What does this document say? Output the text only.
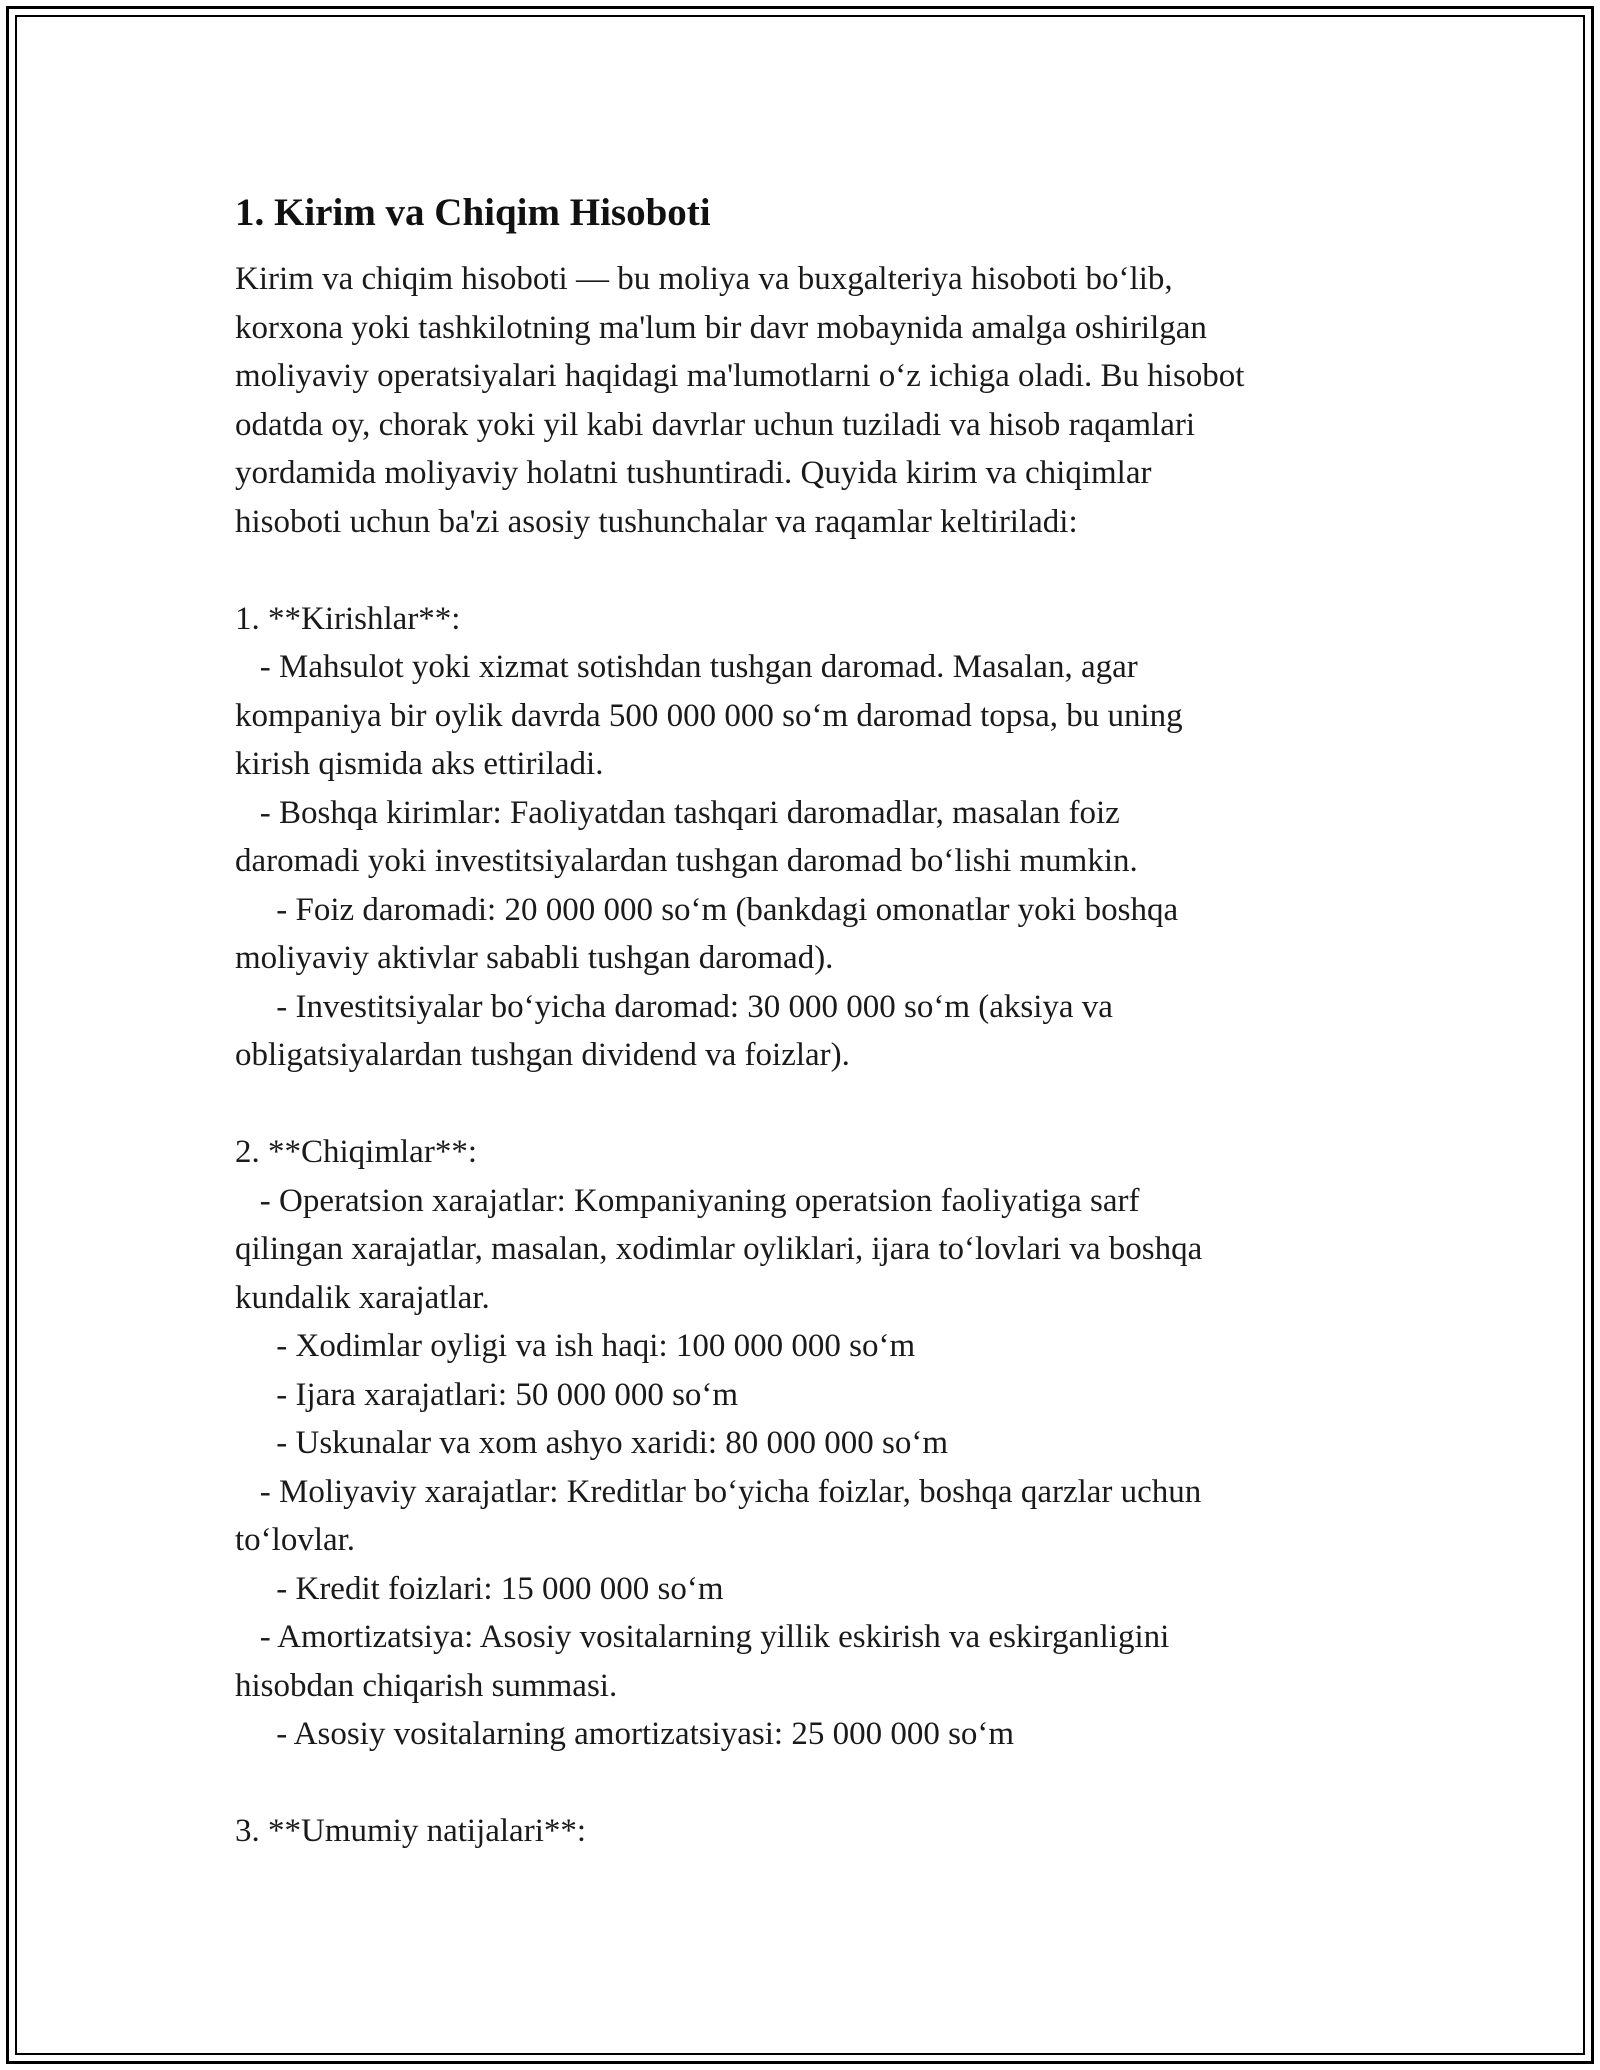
1. Kirim va Chiqim Hisoboti

Kirim va chiqim hisoboti — bu moliya va buxgalteriya hisoboti bo‘lib,
korxona yoki tashkilotning ma'lum bir davr mobaynida amalga oshirilgan
moliyaviy operatsiyalari haqidagi ma'lumotlarni o‘z ichiga oladi. Bu hisobot
odatda oy, chorak yoki yil kabi davrlar uchun tuziladi va hisob raqamlari
yordamida moliyaviy holatni tushuntiradi. Quyida kirim va chiqimlar
hisoboti uchun ba'zi asosiy tushunchalar va raqamlar keltiriladi:

1. **Kirishlar**:
- Mahsulot yoki xizmat sotishdan tushgan daromad. Masalan, agar
kompaniya bir oylik davrda 500 000 000 so‘m daromad topsa, bu uning
kirish qismida aks ettiriladi.
- Boshqa kirimlar: Faoliyatdan tashqari daromadlar, masalan foiz
daromadi yoki investitsiyalardan tushgan daromad bo‘lishi mumkin.
- Foiz daromadi: 20 000 000 so‘m (bankdagi omonatlar yoki boshqa
moliyaviy aktivlar sababli tushgan daromad).
- Investitsiyalar bo‘yicha daromad: 30 000 000 so‘m (aksiya va
obligatsiyalardan tushgan dividend va foizlar).

2. **Chiqimlar**:
- Operatsion xarajatlar: Kompaniyaning operatsion faoliyatiga sarf
qilingan xarajatlar, masalan, xodimlar oyliklari, ijara to‘lovlari va boshqa
kundalik xarajatlar.
- Xodimlar oyligi va ish haqi: 100 000 000 so‘m
- Ijara xarajatlari: 50 000 000 so‘m
- Uskunalar va xom ashyo xaridi: 80 000 000 so‘m
- Moliyaviy xarajatlar: Kreditlar bo‘yicha foizlar, boshqa qarzlar uchun
to‘lovlar.
- Kredit foizlari: 15 000 000 so‘m
- Amortizatsiya: Asosiy vositalarning yillik eskirish va eskirganligini
hisobdan chiqarish summasi.
- Asosiy vositalarning amortizatsiyasi: 25 000 000 so‘m

3. **Umumiy natijalari**:
